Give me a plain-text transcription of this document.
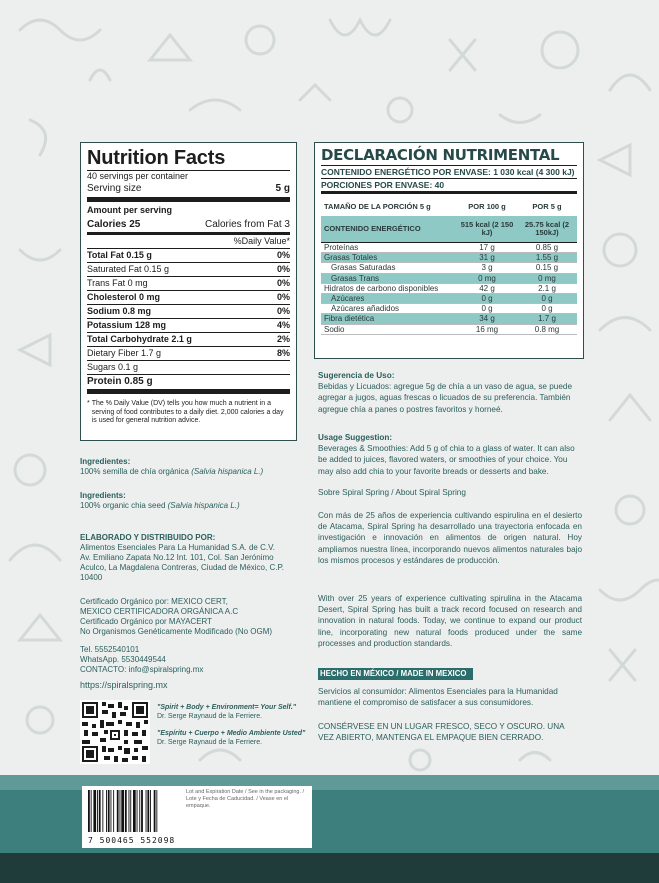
Nutrition Facts
40 servings per container
Serving size	5 g
Amount per serving
Calories 25	Calories from Fat 3
%Daily Value*
Total Fat 0.15 g	0%
Saturated Fat 0.15 g	0%
Trans Fat 0 mg	0%
Cholesterol 0 mg	0%
Sodium 0.8 mg	0%
Potassium 128 mg	4%
Total Carbohydrate 2.1 g	2%
Dietary Fiber 1.7 g	8%
Sugars 0.1 g
Protein 0.85 g
* The % Daily Value (DV) tells you how much a nutrient in a serving of food contributes to a daily diet. 2,000 calories a day is used for general nutrition advice.
DECLARACIÓN NUTRIMENTAL
CONTENIDO ENERGÉTICO POR ENVASE: 1 030 kcal (4 300 kJ)
PORCIONES POR ENVASE: 40
TAMAÑO DE LA PORCIÓN 5 g	POR 100 g	POR 5 g
CONTENIDO ENERGÉTICO	515 kcal (2 150 kJ)	25.75 kcal (2 150kJ)
Proteínas	17 g	0.85 g
Grasas Totales	31 g	1.55 g
Grasas Saturadas	3 g	0.15 g
Grasas Trans	0 mg	0 mg
Hidratos de carbono disponibles	42 g	2.1 g
Azúcares	0 g	0 g
Azúcares añadidos	0 g	0 g
Fibra dietética	34 g	1.7 g
Sodio	16 mg	0.8 mg
Ingredientes:
100% semilla de chía orgánica (Salvia hispanica L.)
Ingredients:
100% organic chia seed (Salvia hispanica L.)
ELABORADO Y DISTRIBUIDO POR:
Alimentos Esenciales Para La Humanidad S.A. de C.V.
Av. Emiliano Zapata No.12 Int. 101, Col. San Jerónimo
Aculco, La Magdalena Contreras, Ciudad de México, C.P.
10400
Certificado Orgánico por: MEXICO CERT,
MEXICO CERTIFICADORA ORGÁNICA A.C
Certificado Orgánico por MAYACERT
No Organismos Genéticamente Modificado (No OGM)
Tel. 5552540101
WhatsApp. 5530449544
CONTACTO: info@spiralspring.mx
https://spiralspring.mx
"Spirit + Body + Environment= Your Self."
Dr. Serge Raynaud de la Ferriere.
"Espíritu + Cuerpo + Medio Ambiente Usted"
Dr. Serge Raynaud de la Ferriere.
Sugerencia de Uso:
Bebidas y Licuados: agregue 5g de chía a un vaso de agua, se puede agregar a jugos, aguas frescas o licuados de su preferencia. También agregue chía a panes o postres favoritos y horneé.
Usage Suggestion:
Beverages & Smoothies: Add 5 g of chia to a glass of water. It can also be added to juices, flavored waters, or smoothies of your choice. You may also add chia to your favorite breads or desserts and bake.
Sobre Spiral Spring / About Spiral Spring
Con más de 25 años de experiencia cultivando espirulina en el desierto de Atacama, Spiral Spring ha desarrollado una trayectoria enfocada en investigación e innovación en alimentos de origen natural. Hoy ampliamos nuestra línea, incorporando nuevos alimentos naturales bajo los mismos procesos y estándares de producción.
With over 25 years of experience cultivating spirulina in the Atacama Desert, Spiral Spring has built a track record focused on research and innovation in natural foods. Today, we continue to expand our product line, incorporating new natural foods produced under the same processes and production standards.
HECHO EN MÉXICO / MADE IN MEXICO
Servicios al consumidor: Alimentos Esenciales para la Humanidad mantiene el compromiso de satisfacer a sus consumidores.
CONSÉRVESE EN UN LUGAR FRESCO, SECO Y OSCURO. UNA VEZ ABIERTO, MANTENGA EL EMPAQUE BIEN CERRADO.
7 500465 552098
Lot and Expiration Date / See in the packaging. / Lote y Fecha de Caducidad. / Vease en el empaque.
